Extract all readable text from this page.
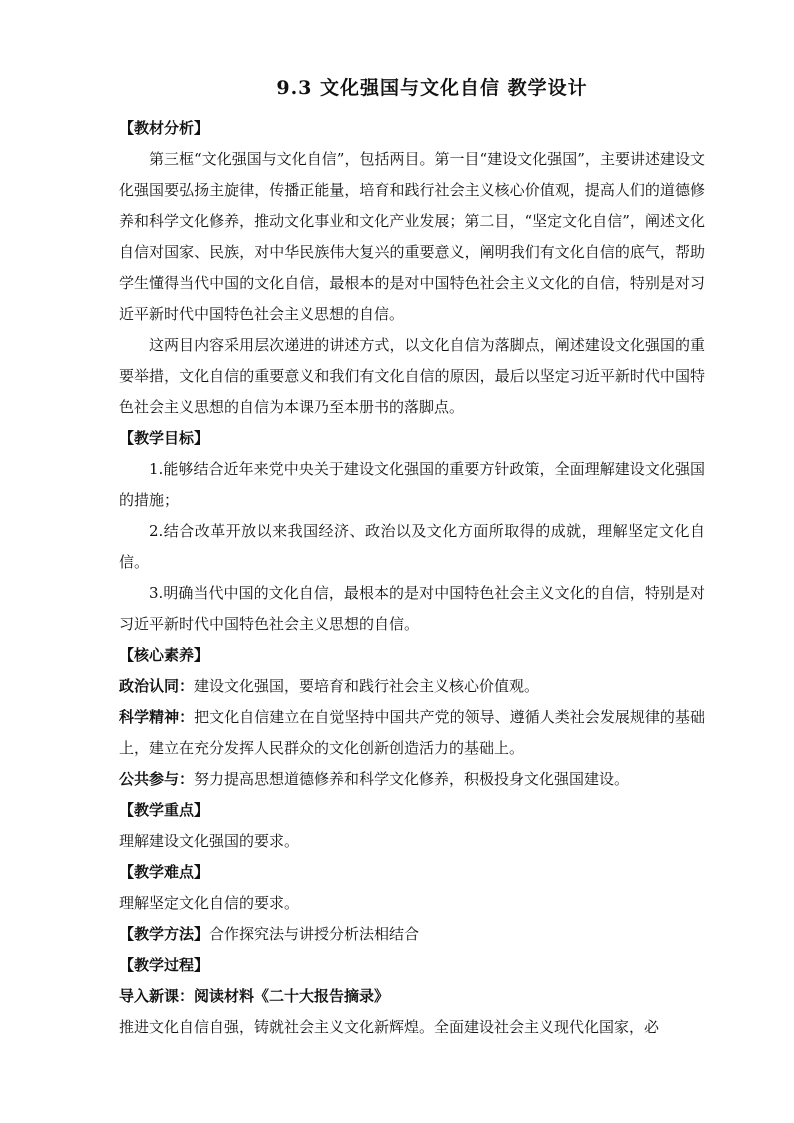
9.3 文化强国与文化自信 教学设计

【教材分析】

第三框“文化强国与文化自信”，包括两目。第一目“建设文化强国”，主要讲述建设文化强国要弘扬主旋律，传播正能量，培育和践行社会主义核心价值观，提高人们的道德修养和科学文化修养，推动文化事业和文化产业发展；第二目，“坚定文化自信”，阐述文化自信对国家、民族，对中华民族伟大复兴的重要意义，阐明我们有文化自信的底气，帮助学生懂得当代中国的文化自信，最根本的是对中国特色社会主义文化的自信，特别是对习近平新时代中国特色社会主义思想的自信。

这两目内容采用层次递进的讲述方式，以文化自信为落脚点，阐述建设文化强国的重要举措，文化自信的重要意义和我们有文化自信的原因，最后以坚定习近平新时代中国特色社会主义思想的自信为本课乃至本册书的落脚点。

【教学目标】

1.能够结合近年来党中央关于建设文化强国的重要方针政策，全面理解建设文化强国的措施；

2.结合改革开放以来我国经济、政治以及文化方面所取得的成就，理解坚定文化自信。

3.明确当代中国的文化自信，最根本的是对中国特色社会主义文化的自信，特别是对习近平新时代中国特色社会主义思想的自信。

【核心素养】

政治认同：建设文化强国，要培育和践行社会主义核心价值观。

科学精神：把文化自信建立在自觉坚持中国共产党的领导、遵循人类社会发展规律的基础上，建立在充分发挥人民群众的文化创新创造活力的基础上。

公共参与：努力提高思想道德修养和科学文化修养，积极投身文化强国建设。

【教学重点】

理解建设文化强国的要求。

【教学难点】

理解坚定文化自信的要求。

【教学方法】合作探究法与讲授分析法相结合

【教学过程】

导入新课：阅读材料《二十大报告摘录》

推进文化自信自强，铸就社会主义文化新辉煌。全面建设社会主义现代化国家，必
